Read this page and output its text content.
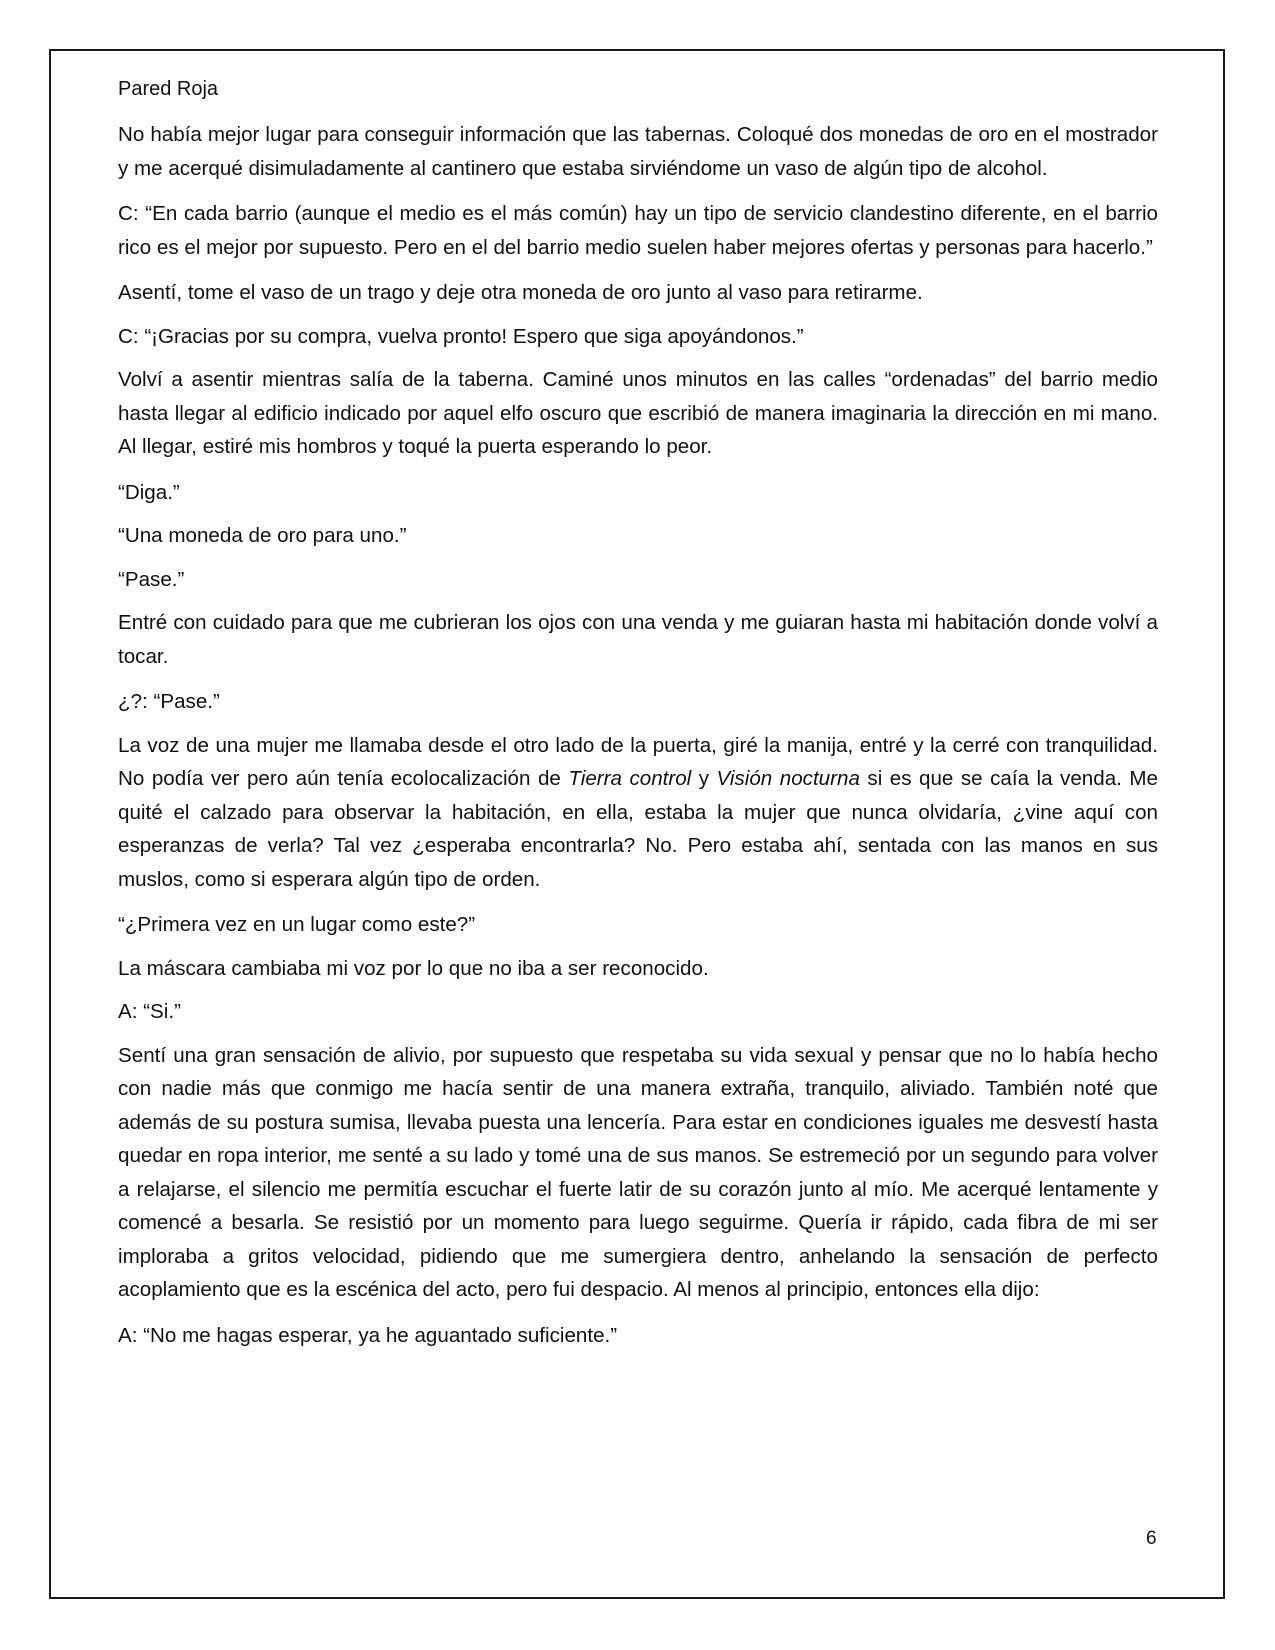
Pared Roja

No había mejor lugar para conseguir información que las tabernas. Coloqué dos monedas de oro en el mostrador y me acerqué disimuladamente al cantinero que estaba sirviéndome un vaso de algún tipo de alcohol.

C: “En cada barrio (aunque el medio es el más común) hay un tipo de servicio clandestino diferente, en el barrio rico es el mejor por supuesto. Pero en el del barrio medio suelen haber mejores ofertas y personas para hacerlo.”

Asentí, tome el vaso de un trago y deje otra moneda de oro junto al vaso para retirarme.

C: “¡Gracias por su compra, vuelva pronto! Espero que siga apoyándonos.”

Volví a asentir mientras salía de la taberna. Caminé unos minutos en las calles “ordenadas” del barrio medio hasta llegar al edificio indicado por aquel elfo oscuro que escribió de manera imaginaria la dirección en mi mano. Al llegar, estiré mis hombros y toqué la puerta esperando lo peor.

“Diga.”

“Una moneda de oro para uno.”

“Pase.”

Entré con cuidado para que me cubrieran los ojos con una venda y me guiaran hasta mi habitación donde volví a tocar.

¿?: “Pase.”

La voz de una mujer me llamaba desde el otro lado de la puerta, giré la manija, entré y la cerré con tranquilidad. No podía ver pero aún tenía ecolocalización de Tierra control y Visión nocturna si es que se caía la venda. Me quité el calzado para observar la habitación, en ella, estaba la mujer que nunca olvidaría, ¿vine aquí con esperanzas de verla? Tal vez ¿esperaba encontrarla? No. Pero estaba ahí, sentada con las manos en sus muslos, como si esperara algún tipo de orden.

“¿Primera vez en un lugar como este?”

La máscara cambiaba mi voz por lo que no iba a ser reconocido.

A: “Si.”

Sentí una gran sensación de alivio, por supuesto que respetaba su vida sexual y pensar que no lo había hecho con nadie más que conmigo me hacía sentir de una manera extraña, tranquilo, aliviado. También noté que además de su postura sumisa, llevaba puesta una lencería. Para estar en condiciones iguales me desvestí hasta quedar en ropa interior, me senté a su lado y tomé una de sus manos. Se estremeció por un segundo para volver a relajarse, el silencio me permitía escuchar el fuerte latir de su corazón junto al mío. Me acerqué lentamente y comencé a besarla. Se resistió por un momento para luego seguirme. Quería ir rápido, cada fibra de mi ser imploraba a gritos velocidad, pidiendo que me sumergiera dentro, anhelando la sensación de perfecto acoplamiento que es la escénica del acto, pero fui despacio. Al menos al principio, entonces ella dijo:

A: “No me hagas esperar, ya he aguantado suficiente.”

6
